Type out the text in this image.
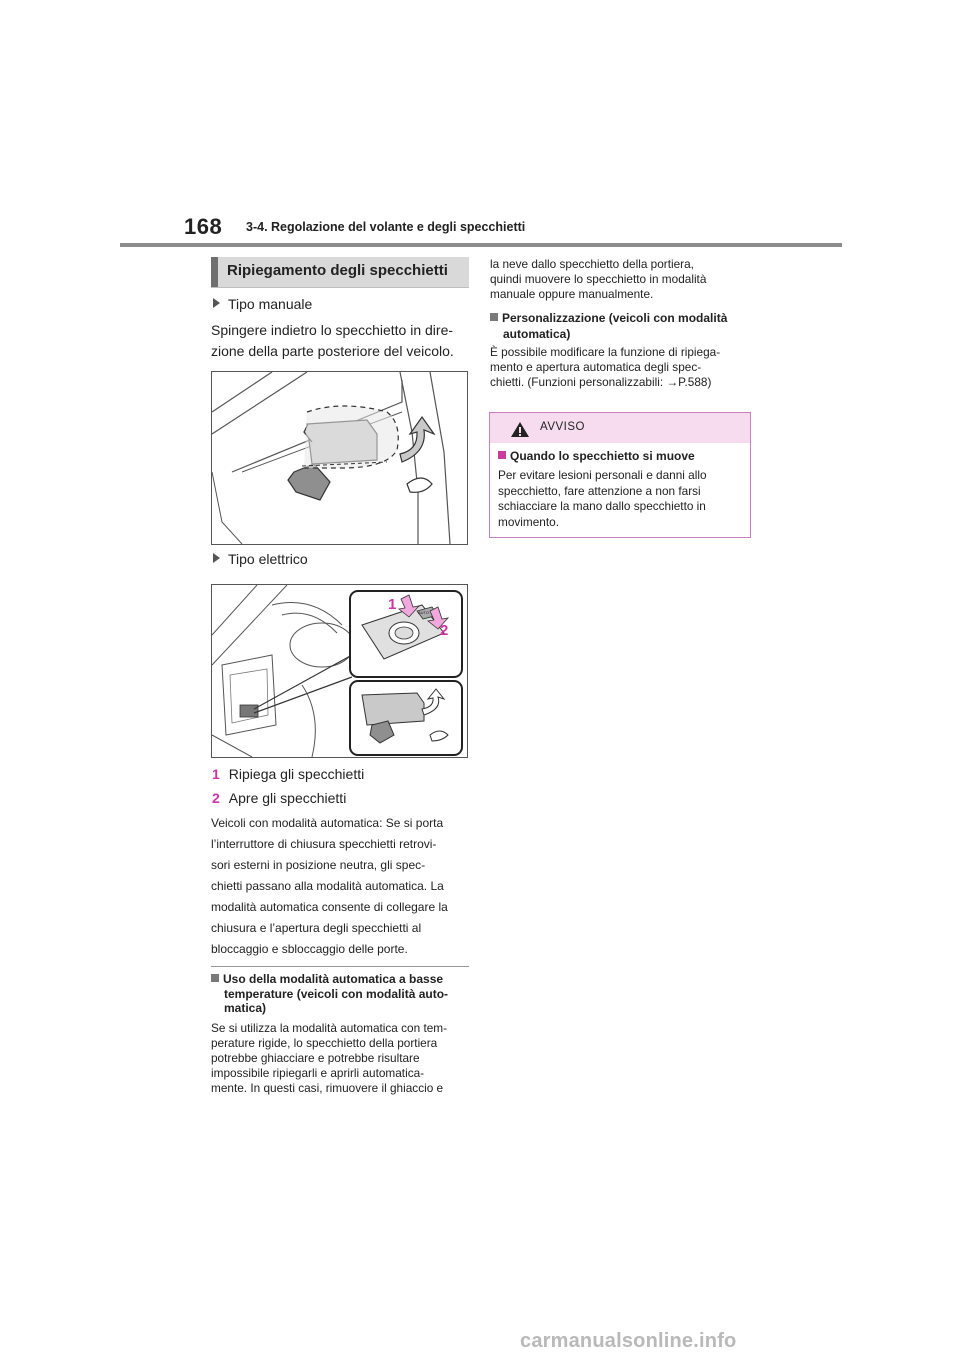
168 3-4. Regolazione del volante e degli specchietti
Ripiegamento degli specchietti
Tipo manuale
Spingere indietro lo specchietto in dire-
zione della parte posteriore del veicolo.
Tipo elettrico
AUTO
1
2
1 Ripiega gli specchietti
2 Apre gli specchietti
Veicoli con modalità automatica: Se si porta
l’interruttore di chiusura specchietti retrovi-
sori esterni in posizione neutra, gli spec-
chietti passano alla modalità automatica. La
modalità automatica consente di collegare la
chiusura e l’apertura degli specchietti al
bloccaggio e sbloccaggio delle porte.
Uso della modalità automatica a basse
temperature (veicoli con modalità auto-
matica)
Se si utilizza la modalità automatica con tem-
perature rigide, lo specchietto della portiera
potrebbe ghiacciare e potrebbe risultare
impossibile ripiegarli e aprirli automatica-
mente. In questi casi, rimuovere il ghiaccio e
la neve dallo specchietto della portiera,
quindi muovere lo specchietto in modalità
manuale oppure manualmente.
Personalizzazione (veicoli con modalità
automatica)
È possibile modificare la funzione di ripiega-
mento e apertura automatica degli spec-
chietti. (Funzioni personalizzabili: →P.588)
AVVISO
Quando lo specchietto si muove
Per evitare lesioni personali e danni allo
specchietto, fare attenzione a non farsi
schiacciare la mano dallo specchietto in
movimento.
carmanualsonline.info
